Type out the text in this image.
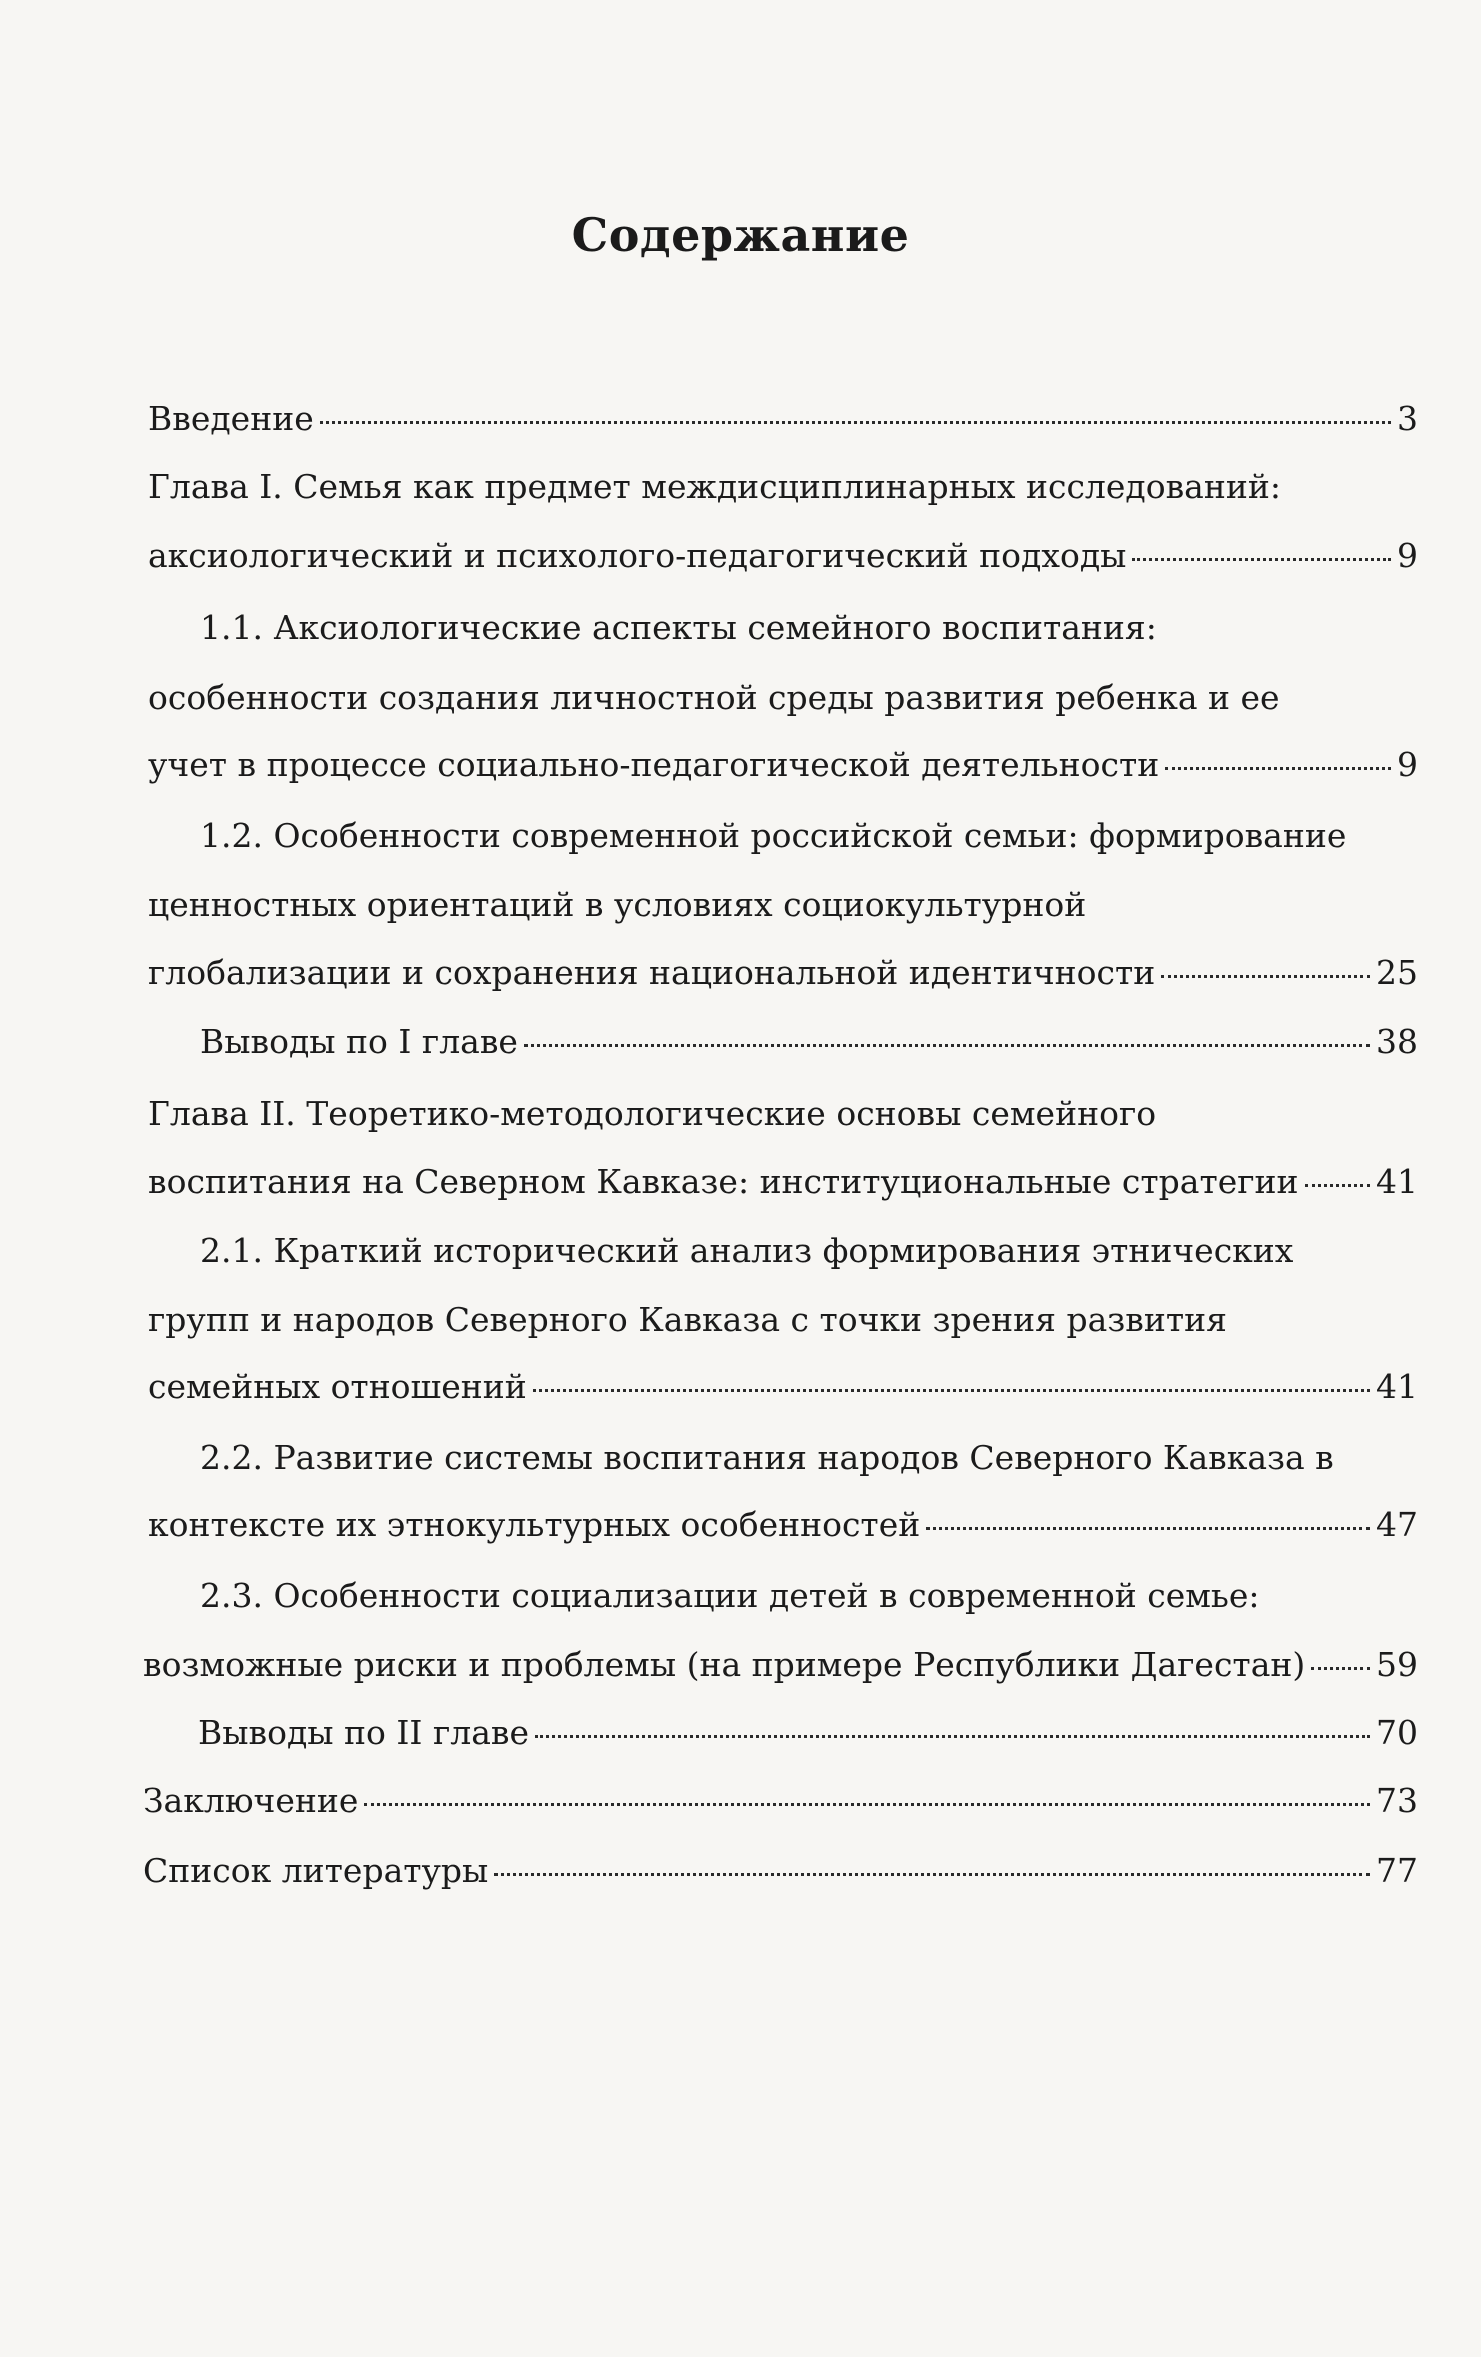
Содержание
Введение	3
Глава I. Семья как предмет междисциплинарных исследований:
аксиологический и психолого-педагогический подходы	9
1.1. Аксиологические аспекты семейного воспитания:
особенности создания личностной среды развития ребенка и ее
учет в процессе социально-педагогической деятельности	9
1.2. Особенности современной российской семьи: формирование
ценностных ориентаций в условиях социокультурной
глобализации и сохранения национальной идентичности	25
Выводы по I главе	38
Глава II. Теоретико-методологические основы семейного
воспитания на Северном Кавказе: институциональные стратегии 41
2.1. Краткий исторический анализ формирования этнических
групп и народов Северного Кавказа с точки зрения развития
семейных отношений	41
2.2. Развитие системы воспитания народов Северного Кавказа в
контексте их этнокультурных особенностей	47
2.3. Особенности социализации детей в современной семье:
возможные риски и проблемы (на примере Республики Дагестан) 59
Выводы по II главе	70
Заключение	73
Список литературы	77
